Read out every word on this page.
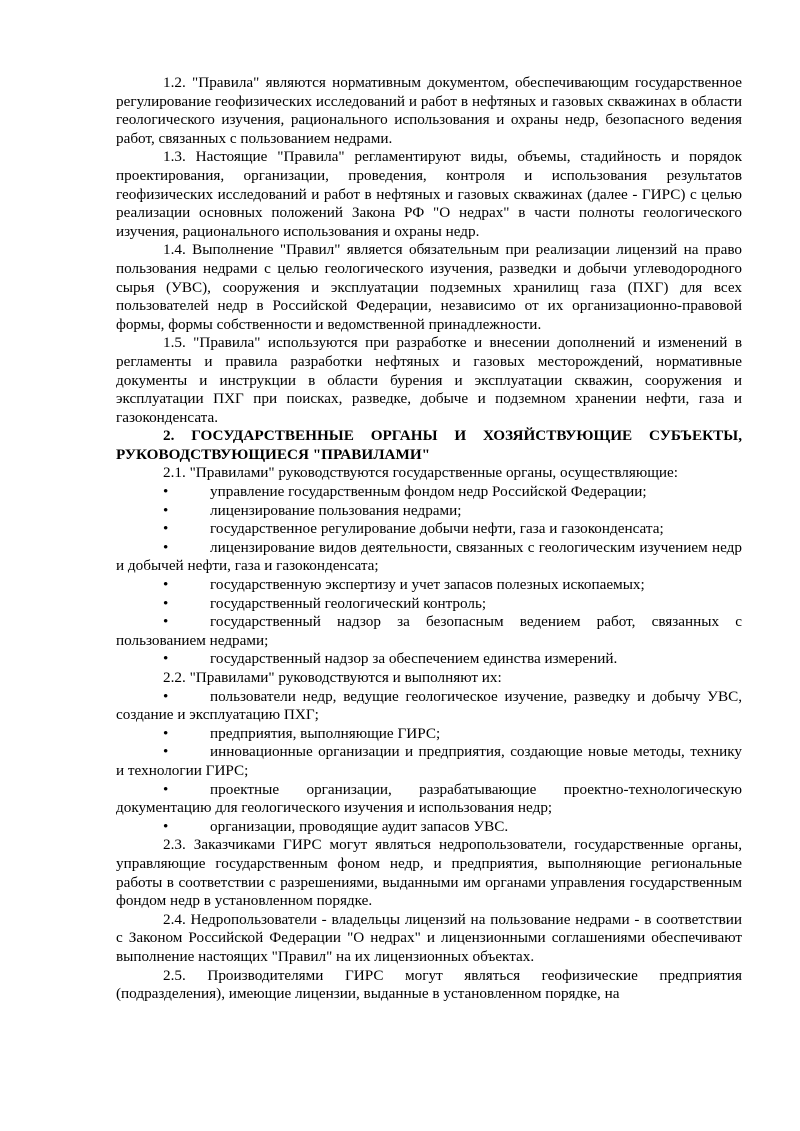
1.2. "Правила" являются нормативным документом, обеспечивающим государственное регулирование геофизических исследований и работ в нефтяных и газовых скважинах в области геологического изучения, рационального использования и охраны недр, безопасного ведения работ, связанных с пользованием недрами.

1.3. Настоящие "Правила" регламентируют виды, объемы, стадийность и порядок проектирования, организации, проведения, контроля и использования результатов геофизических исследований и работ в нефтяных и газовых скважинах (далее - ГИРС) с целью реализации основных положений Закона РФ "О недрах" в части полноты геологического изучения, рационального использования и охраны недр.

1.4. Выполнение "Правил" является обязательным при реализации лицензий на право пользования недрами с целью геологического изучения, разведки и добычи углеводородного сырья (УВС), сооружения и эксплуатации подземных хранилищ газа (ПХГ) для всех пользователей недр в Российской Федерации, независимо от их организационно-правовой формы, формы собственности и ведомственной принадлежности.

1.5. "Правила" используются при разработке и внесении дополнений и изменений в регламенты и правила разработки нефтяных и газовых месторождений, нормативные документы и инструкции в области бурения и эксплуатации скважин, сооружения и эксплуатации ПХГ при поисках, разведке, добыче и подземном хранении нефти, газа и газоконденсата.

2. ГОСУДАРСТВЕННЫЕ ОРГАНЫ И ХОЗЯЙСТВУЮЩИЕ СУБЪЕКТЫ, РУКОВОДСТВУЮЩИЕСЯ "ПРАВИЛАМИ"

2.1. "Правилами" руководствуются государственные органы, осуществляющие:

•	управление государственным фондом недр Российской Федерации;

•	лицензирование пользования недрами;

•	государственное регулирование добычи нефти, газа и газоконденсата;

•	лицензирование видов деятельности, связанных с геологическим изучением недр и добычей нефти, газа и газоконденсата;

•	государственную экспертизу и учет запасов полезных ископаемых;

•	государственный геологический контроль;

•	государственный надзор за безопасным ведением работ, связанных с пользованием недрами;

•	государственный надзор за обеспечением единства измерений.

2.2. "Правилами" руководствуются и выполняют их:

•	пользователи недр, ведущие геологическое изучение, разведку и добычу УВС, создание и эксплуатацию ПХГ;

•	предприятия, выполняющие ГИРС;

•	инновационные организации и предприятия, создающие новые методы, технику и технологии ГИРС;

•	проектные организации, разрабатывающие проектно-технологическую документацию для геологического изучения и использования недр;

•	организации, проводящие аудит запасов УВС.

2.3. Заказчиками ГИРС могут являться недропользователи, государственные органы, управляющие государственным фоном недр, и предприятия, выполняющие региональные работы в соответствии с разрешениями, выданными им органами управления государственным фондом недр в установленном порядке.

2.4. Недропользователи - владельцы лицензий на пользование недрами - в соответствии с Законом Российской Федерации "О недрах" и лицензионными соглашениями обеспечивают выполнение настоящих "Правил" на их лицензионных объектах.

2.5. Производителями ГИРС могут являться геофизические предприятия (подразделения), имеющие лицензии, выданные в установленном порядке, на
